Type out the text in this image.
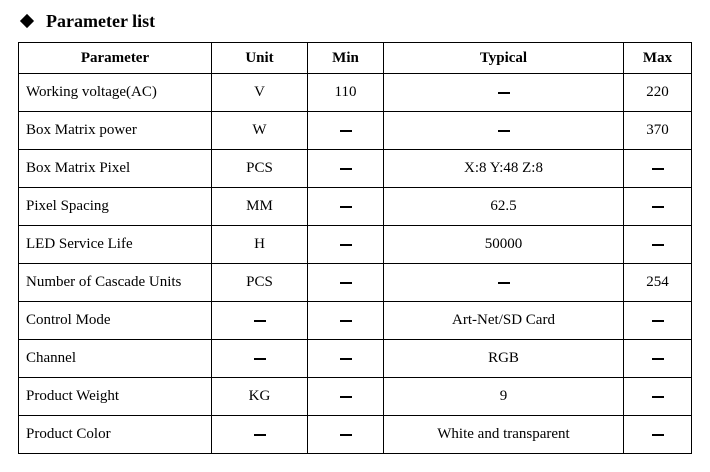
Parameter list
Parameter	Unit	Min	Typical	Max
Working voltage(AC)	V	110		220
Box Matrix power	W			370
Box Matrix Pixel	PCS		X:8 Y:48 Z:8	
Pixel Spacing	MM		62.5	
LED Service Life	H		50000	
Number of Cascade Units	PCS			254
Control Mode			Art-Net/SD Card	
Channel			RGB	
Product Weight	KG		9	
Product Color			White and transparent	
